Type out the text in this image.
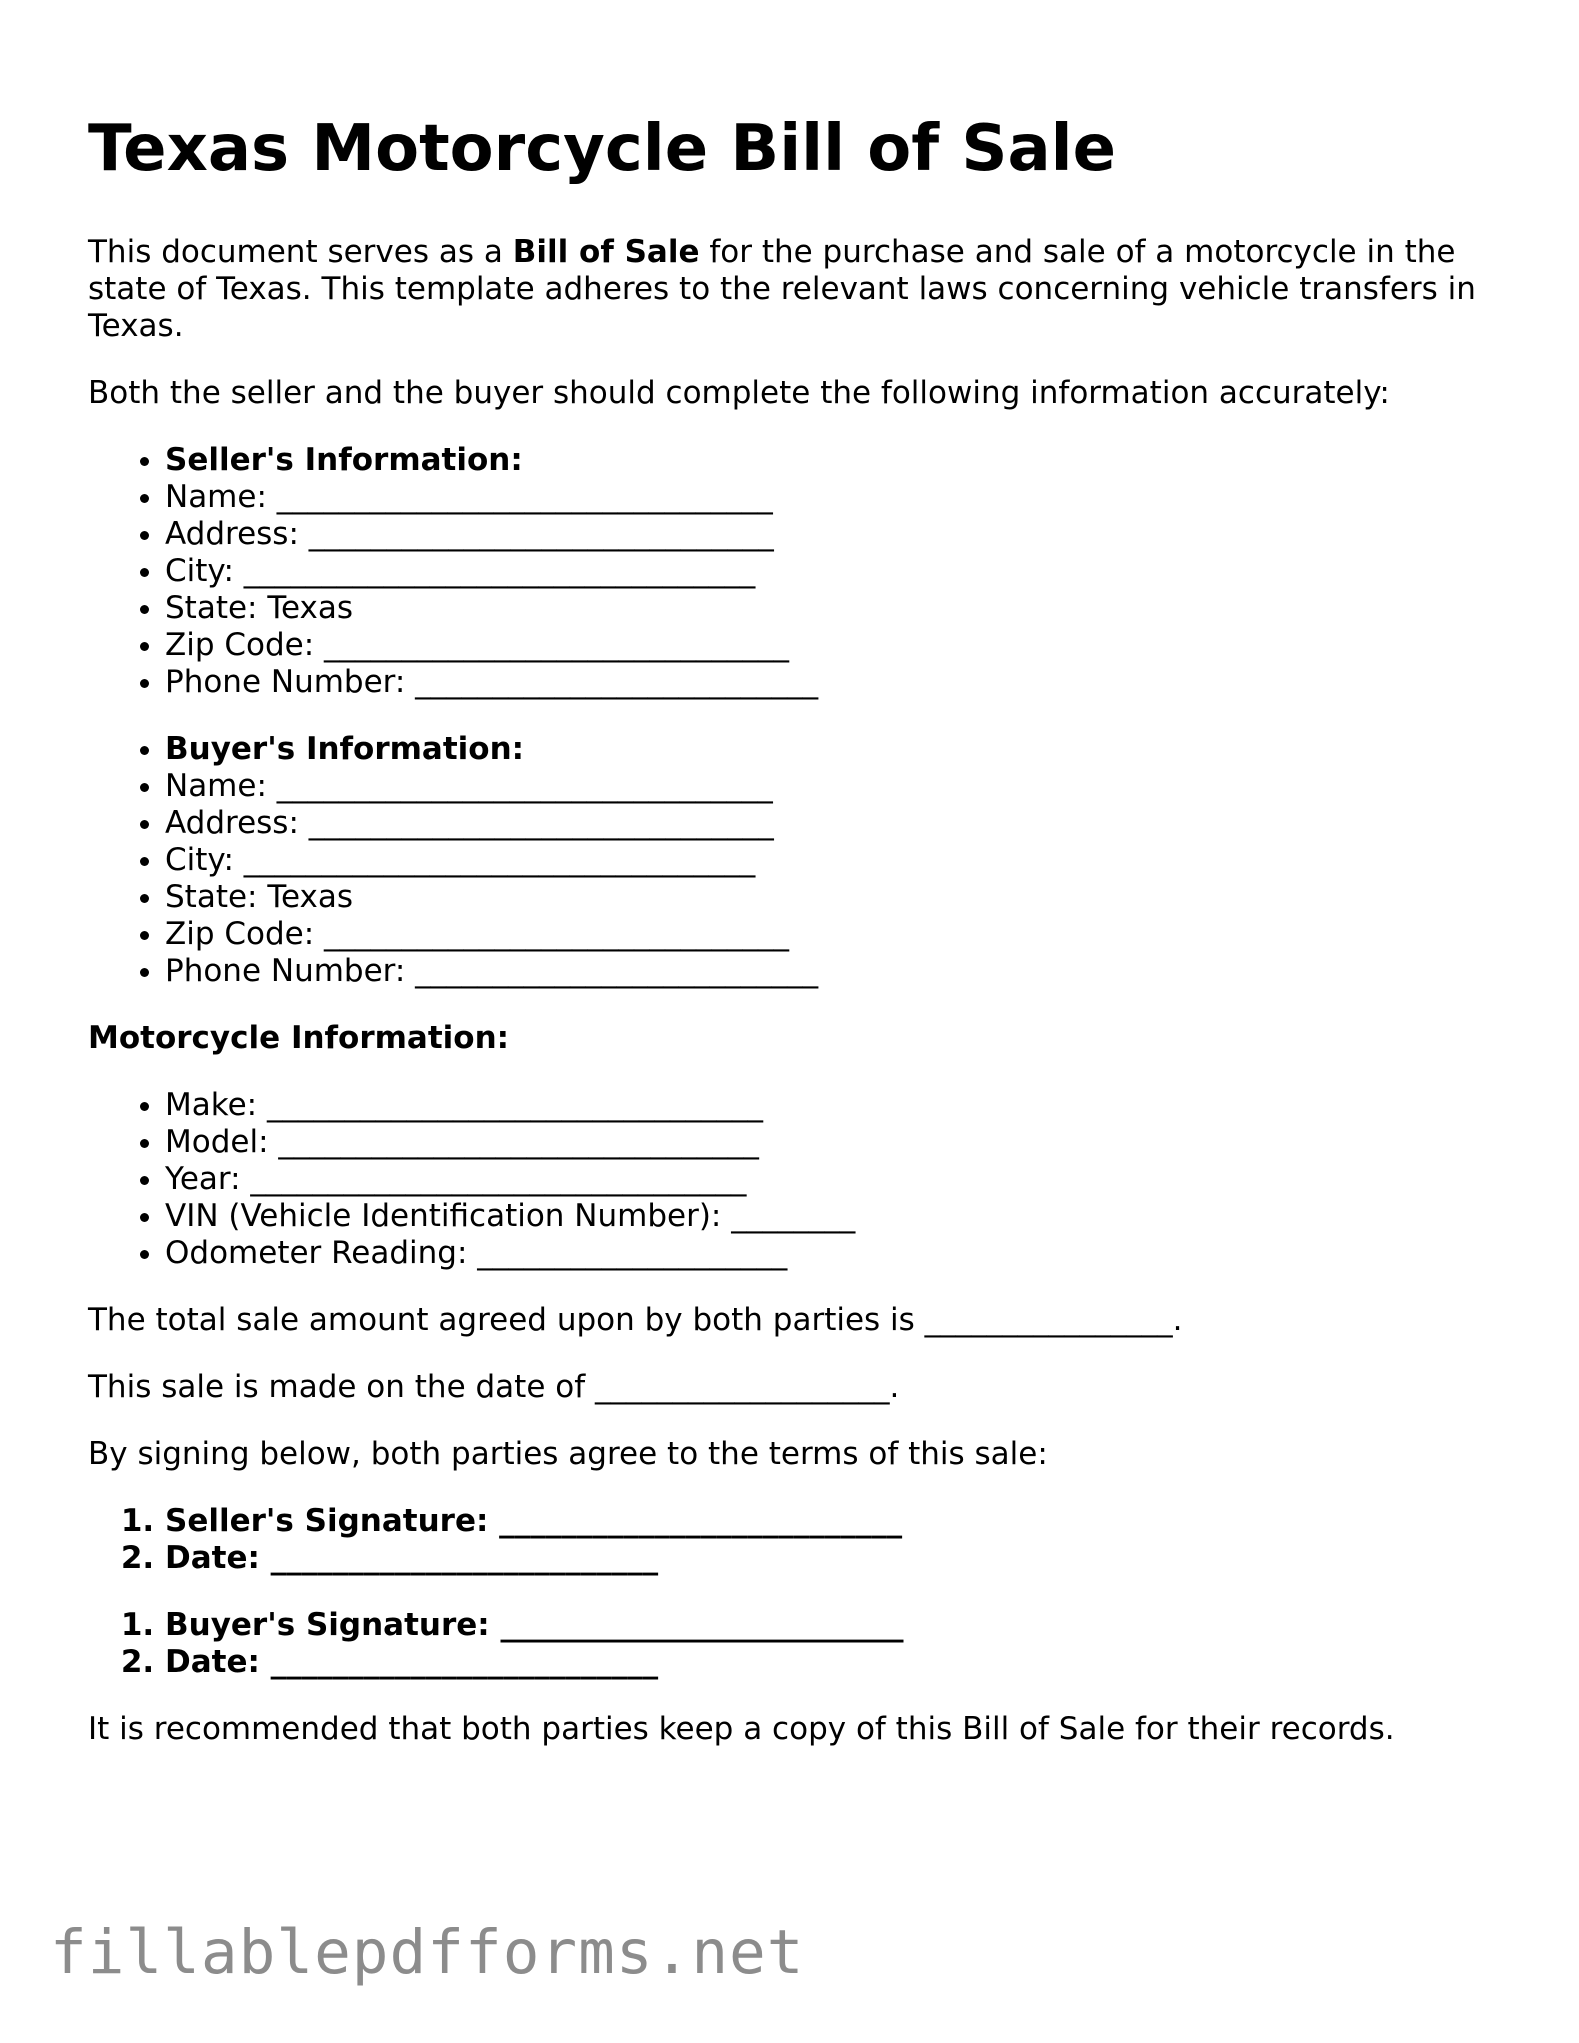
Texas Motorcycle Bill of Sale

This document serves as a Bill of Sale for the purchase and sale of a motorcycle in the state of Texas. This template adheres to the relevant laws concerning vehicle transfers in Texas.

Both the seller and the buyer should complete the following information accurately:

• Seller's Information:
• Name: ________________________________
• Address: ______________________________
• City: _________________________________
• State: Texas
• Zip Code: ______________________________
• Phone Number: __________________________
• Buyer's Information:
• Name: ________________________________
• Address: ______________________________
• City: _________________________________
• State: Texas
• Zip Code: ______________________________
• Phone Number: __________________________

Motorcycle Information:

• Make: ________________________________
• Model: _______________________________
• Year: ________________________________
• VIN (Vehicle Identification Number): ________
• Odometer Reading: ____________________

The total sale amount agreed upon by both parties is ________________.

This sale is made on the date of ___________________.

By signing below, both parties agree to the terms of this sale:

1. Seller's Signature: __________________________
2. Date: _________________________
1. Buyer's Signature: __________________________
2. Date: _________________________

It is recommended that both parties keep a copy of this Bill of Sale for their records.

fillablepdfforms.net
